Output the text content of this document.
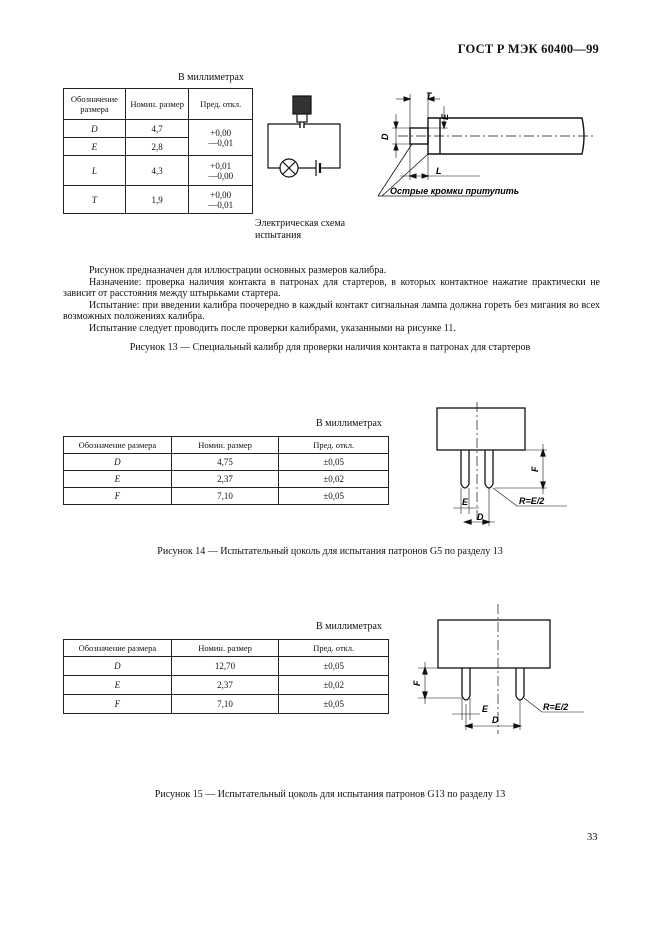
ГОСТ Р МЭК 60400—99
В миллиметрах
Обозначение размера	Номин. размер	Пред. откл.
D	4,7	+0,00
—0,01
E	2,8	
L	4,3	+0,01
—0,00
T	1,9	+0,00
—0,01
Электрическая схема
испытания
T
E
D
L
Острые кромки притупить

Рисунок предназначен для иллюстрации основных размеров калибра.

Назначение: проверка наличия контакта в патронах для стартеров, в которых контактное нажатие практически не зависит от расстояния между штырьками стартера.

Испытание: при введении калибра поочередно в каждый контакт сигнальная лампа должна гореть без мигания во всех возможных положениях калибра.

Испытание следует проводить после проверки калибрами, указанными на рисунке 11.

Рисунок 13 — Специальный калибр для проверки наличия контакта в патронах для стартеров
В миллиметрах
Обозначение размера	Номин. размер	Пред. откл.
D	4,75	±0,05
E	2,37	±0,02
F	7,10	±0,05
F
E
D
R=E/2
Рисунок 14 — Испытательный цоколь для испытания патронов G5 по разделу 13
В миллиметрах
Обозначение размера	Номин. размер	Пред. откл.
D	12,70	±0,05
E	2,37	±0,02
F	7,10	±0,05
F
E
D
R=E/2
Рисунок 15 — Испытательный цоколь для испытания патронов G13 по разделу 13
33
